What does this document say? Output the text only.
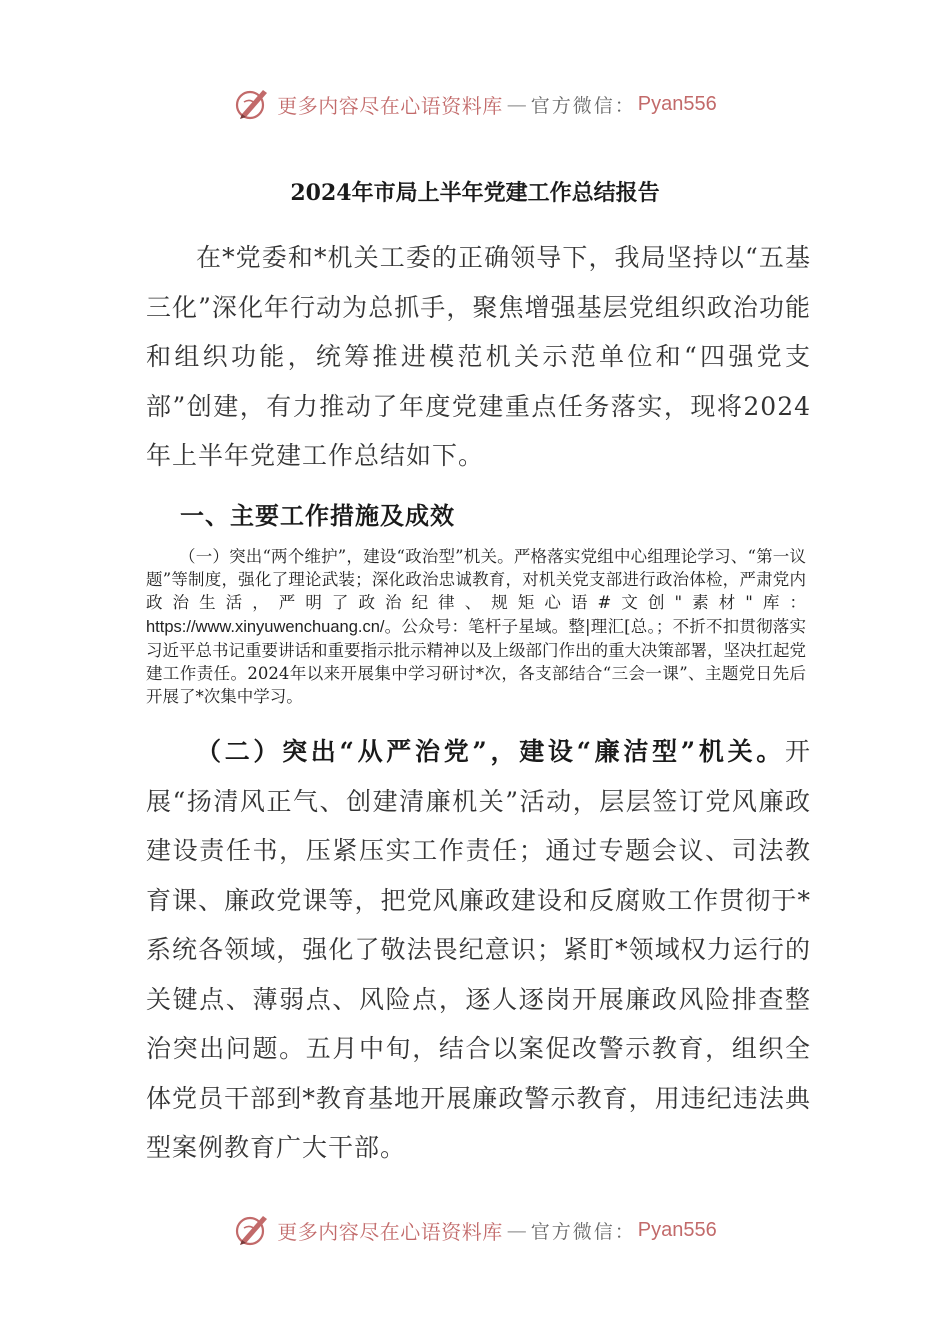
更多内容尽在心语资料库 — 官方微信： Pyan556
2024年市局上半年党建工作总结报告

在*党委和*机关工委的正确领导下，我局坚持以“五基三化”深化年行动为总抓手，聚焦增强基层党组织政治功能和组织功能，统筹推进模范机关示范单位和“四强党支部”创建，有力推动了年度党建重点任务落实，现将2024年上半年党建工作总结如下。

一、主要工作措施及成效

（一）突出“两个维护”，建设“政治型”机关。严格落实党组中心组理论学习、“第一议题”等制度，强化了理论武装；深化政治忠诚教育，对机关党支部进行政治体检，严肃党内政治生活，严明了政治纪律、规矩心语#文创"素材"库：https://www.xinyuwenchuang.cn/。公众号：笔杆子星域。整|理汇[总。；不折不扣贯彻落实习近平总书记重要讲话和重要指示批示精神以及上级部门作出的重大决策部署，坚决扛起党建工作责任。2024年以来开展集中学习研讨*次，各支部结合“三会一课”、主题党日先后开展了*次集中学习。

（二）突出“从严治党”，建设“廉洁型”机关。开展“扬清风正气、创建清廉机关”活动，层层签订党风廉政建设责任书，压紧压实工作责任；通过专题会议、司法教育课、廉政党课等，把党风廉政建设和反腐败工作贯彻于*系统各领域，强化了敬法畏纪意识；紧盯*领域权力运行的关键点、薄弱点、风险点，逐人逐岗开展廉政风险排查整治突出问题。五月中旬，结合以案促改警示教育，组织全体党员干部到*教育基地开展廉政警示教育，用违纪违法典型案例教育广大干部。

更多内容尽在心语资料库 — 官方微信： Pyan556
